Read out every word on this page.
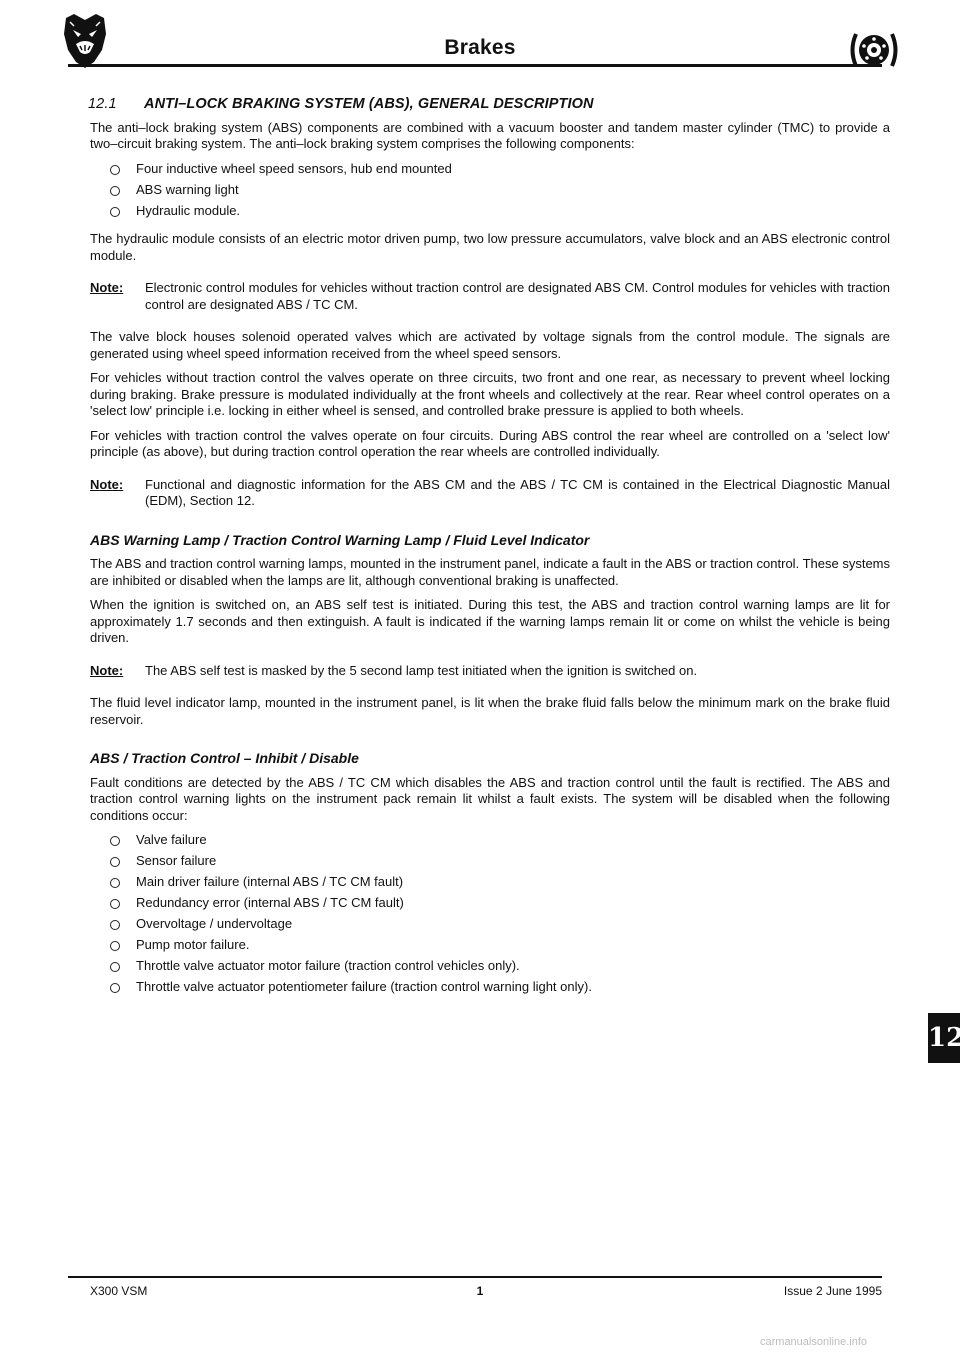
Brakes
12.1 ANTI–LOCK BRAKING SYSTEM (ABS), GENERAL DESCRIPTION

The anti–lock braking system (ABS) components are combined with a vacuum booster and tandem master cylinder (TMC) to provide a two–circuit braking system. The anti–lock braking system comprises the following components:

Four inductive wheel speed sensors, hub end mounted
ABS warning light
Hydraulic module.

The hydraulic module consists of an electric motor driven pump, two low pressure accumulators, valve block and an ABS electronic control module.

Note:	Electronic control modules for vehicles without traction control are designated ABS CM. Control modules for vehicles with traction control are designated ABS / TC CM.

The valve block houses solenoid operated valves which are activated by voltage signals from the control module. The signals are generated using wheel speed information received from the wheel speed sensors.

For vehicles without traction control the valves operate on three circuits, two front and one rear, as necessary to prevent wheel locking during braking. Brake pressure is modulated individually at the front wheels and collectively at the rear. Rear wheel control operates on a 'select low' principle i.e. locking in either wheel is sensed, and controlled brake pressure is applied to both wheels.

For vehicles with traction control the valves operate on four circuits. During ABS control the rear wheel are controlled on a 'select low' principle (as above), but during traction control operation the rear wheels are controlled individually.

Note:	Functional and diagnostic information for the ABS CM and the ABS / TC CM is contained in the Electrical Diagnostic Manual (EDM), Section 12.
ABS Warning Lamp / Traction Control Warning Lamp / Fluid Level Indicator

The ABS and traction control warning lamps, mounted in the instrument panel, indicate a fault in the ABS or traction control. These systems are inhibited or disabled when the lamps are lit, although conventional braking is unaffected.

When the ignition is switched on, an ABS self test is initiated. During this test, the ABS and traction control warning lamps are lit for approximately 1.7 seconds and then extinguish. A fault is indicated if the warning lamps remain lit or come on whilst the vehicle is being driven.

Note:	The ABS self test is masked by the 5 second lamp test initiated when the ignition is switched on.

The fluid level indicator lamp, mounted in the instrument panel, is lit when the brake fluid falls below the minimum mark on the brake fluid reservoir.

ABS / Traction Control – Inhibit / Disable

Fault conditions are detected by the ABS / TC CM which disables the ABS and traction control until the fault is rectified. The ABS and traction control warning lights on the instrument pack remain lit whilst a fault exists. The system will be disabled when the following conditions occur:

Valve failure
Sensor failure
Main driver failure (internal ABS / TC CM fault)
Redundancy error (internal ABS / TC CM fault)
Overvoltage / undervoltage
Pump motor failure.
Throttle valve actuator motor failure (traction control vehicles only).
Throttle valve actuator potentiometer failure (traction control warning light only).
12
X300 VSM	1	Issue 2 June 1995
carmanualsonline.info
